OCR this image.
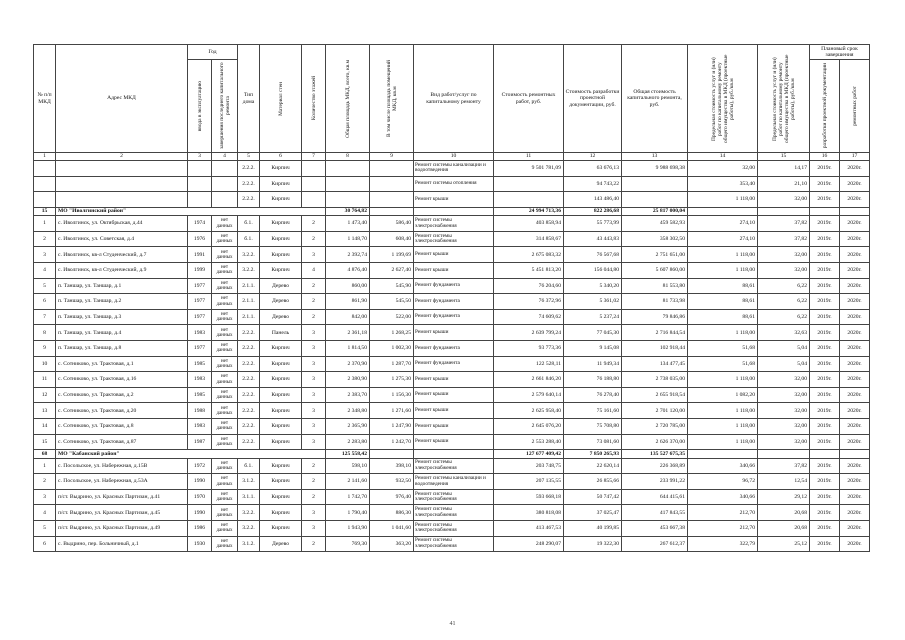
№ п/п МКД	Адрес МКД	Год		Тип дома	Материал стен	Количество этажей	Общая площадь МКД, всего, кв.м	В том числе площадь помещений МКД, кв.м	Вид работ/услуг по капитальному ремонту	Стоимость ремонтных работ, руб.	Стоимость разработки проектной документации, руб.	Общая стоимость капитального ремонта, руб.	Предельная стоимость услуг и (или) работ по капитальному ремонту общего имущества в МКД (проектные работы), руб./кв.м	Предельная стоимость услуг и (или) работ по капитальному ремонту общего имущества в МКД (проектные работы), руб./кв.м	Плановый срок завершения	

		ввода в эксплуатацию	завершения последнего капитального ремонта												разработки проектной документации	ремонтных работ

1	2	3	4	5	6	7	8	9	10	11	12	13	14	15	16	17
				2.2.2.	Кирпич				Ремонт системы канализации и водоотведения	9 501 781,09	63 676,13	9 988 698,38	32,00	14,17	2019г.	2020г.
				2.2.2.	Кирпич				Ремонт системы отопления		94 743,22		353,40	21,10	2019г.	2020г.
				2.2.2.	Кирпич				Ремонт крыши		143 486,40		1 118,00	32,00	2019г.	2020г.
15	МО "Иволгинский район"						30 764,82			24 994 713,36	822 286,68	25 817 000,04				
1	с. Иволгинск, ул. Октябрьская, д.44	1974	нет данных	б.1.	Кирпич	2	1 473,40	586,40	Ремонт системы электроснабжения	403 858,94	55 773,99	459 582,93	274,10	37,82	2019г.	2020г.
2	с. Иволгинск, ул. Советская, д.4	1976	нет данных	б.1.	Кирпич	2	1 148,70	608,40	Ремонт системы электроснабжения	314 858,67	43 443,83	358 302,50	274,10	37,82	2019г.	2020г.
3	с. Иволгинск, кв-л Студенческий, д.7	1991	нет данных	3.2.2.	Кирпич	3	2 392,74	1 199,69	Ремонт крыши	2 675 083,32	76 567,68	2 751 651,00	1 118,00	32,00	2019г.	2020г.
4	с. Иволгинск, кв-л Студенческий, д.9	1999	нет данных	3.2.2.	Кирпич	4	4 876,40	2 627,40	Ремонт крыши	5 451 813,20	156 044,80	5 607 860,00	1 118,00	32,00	2019г.	2020г.
5	п. Таншар, ул. Таншар, д.1	1977	нет данных	2.1.1.	Дерево	2	860,00	545,90	Ремонт фундамента	76 204,60	5 340,20	81 553,80	88,61	6,22	2019г.	2020г.
6	п. Таншар, ул. Таншар, д.2	1977	нет данных	2.1.1.	Дерево	2	861,90	545,50	Ремонт фундамента	76 372,96	5 361,02	81 733,98	88,61	6,22	2019г.	2020г.
7	п. Таншар, ул. Таншар, д.3	1977	нет данных	2.1.1.	Дерево	2	842,00	522,00	Ремонт фундамента	74 609,62	5 237,24	79 846,86	88,61	6,22	2019г.	2020г.
8	п. Таншар, ул. Таншар, д.4	1983	нет данных	2.2.2.	Панель	3	2 361,18	1 268,25	Ремонт крыши	2 639 799,24	77 045,30	2 716 844,54	1 118,00	32,63	2019г.	2020г.
9	п. Таншар, ул. Таншар, д.8	1977	нет данных	2.2.2.	Кирпич	3	1 814,50	1 002,30	Ремонт фундамента	93 773,36	9 145,08	102 918,44	51,68	5,04	2019г.	2020г.
10	с. Сотниково, ул. Трактовая, д.1	1985	нет данных	2.2.2.	Кирпич	3	2 370,90	1 287,70	Ремонт фундамента	122 528,11	11 949,34	134 477,45	51,68	5,04	2019г.	2020г.
11	с. Сотниково, ул. Трактовая, д.16	1983	нет данных	2.2.2.	Кирпич	3	2 380,90	1 275,30	Ремонт крыши	2 661 846,20	76 188,80	2 738 035,00	1 118,00	32,00	2019г.	2020г.
12	с. Сотниково, ул. Трактовая, д.2	1985	нет данных	2.2.2.	Кирпич	3	2 383,70	1 156,30	Ремонт крыши	2 579 640,14	76 278,40	2 655 918,54	1 082,20	32,00	2019г.	2020г.
13	с. Сотниково, ул. Трактовая, д.20	1988	нет данных	2.2.2.	Кирпич	3	2 348,80	1 271,60	Ремонт крыши	2 625 958,40	75 161,60	2 701 120,00	1 118,00	32,00	2019г.	2020г.
14	с. Сотниково, ул. Трактовая, д.8	1983	нет данных	2.2.2.	Кирпич	3	2 365,90	1 247,90	Ремонт крыши	2 645 076,20	75 708,80	2 720 785,00	1 118,00	32,00	2019г.	2020г.
15	с. Сотниково, ул. Трактовая, д.87	1987	нет данных	2.2.2.	Кирпич	3	2 283,80	1 242,70	Ремонт крыши	2 553 288,40	73 081,60	2 626 370,00	1 118,00	32,00	2019г.	2020г.
68	МО "Кабанский район"						125 558,42			127 677 409,42	7 850 265,93	135 527 675,35				
1	с. Посольское, ул. Набережная, д.15В	1972	нет данных	б.1.	Кирпич	2	598,10	398,10	Ремонт системы электроснабжения	203 748,75	22 620,14	226 368,89	340,66	37,82	2019г.	2020г.
2	с. Посольское, ул. Набережная, д.53А	1990	нет данных	3.1.2.	Кирпич	2	2 141,60	932,50	Ремонт системы канализации и водоотведения	207 135,55	26 855,66	233 991,22	96,72	12,54	2019г.	2020г.
3	п/ст. Выдрино, ул. Красных Партизан, д.41	1970	нет данных	3.1.1.	Кирпич	2	1 742,70	976,40	Ремонт системы электроснабжения	593 668,18	50 747,42	644 415,61	340,66	29,12	2019г.	2020г.
4	п/ст. Выдрино, ул. Красных Партизан, д.45	1990	нет данных	3.2.2.	Кирпич	3	1 790,40	886,30	Ремонт системы электроснабжения	380 818,08	37 025,47	417 843,55	212,70	20,68	2019г.	2020г.
5	п/ст. Выдрино, ул. Красных Партизан, д.49	1986	нет данных	3.2.2.	Кирпич	3	1 943,90	1 041,60	Ремонт системы электроснабжения	413 467,53	40 199,85	453 667,38	212,70	20,68	2019г.	2020г.
6	с. Выдрино, пер. Больничный, д.1	1930	нет данных	3.1.2.	Дерево	2	769,30	363,20	Ремонт системы электроснабжения	248 290,07	19 322,30	267 612,37	322,79	25,12	2019г.	2020г.
41
